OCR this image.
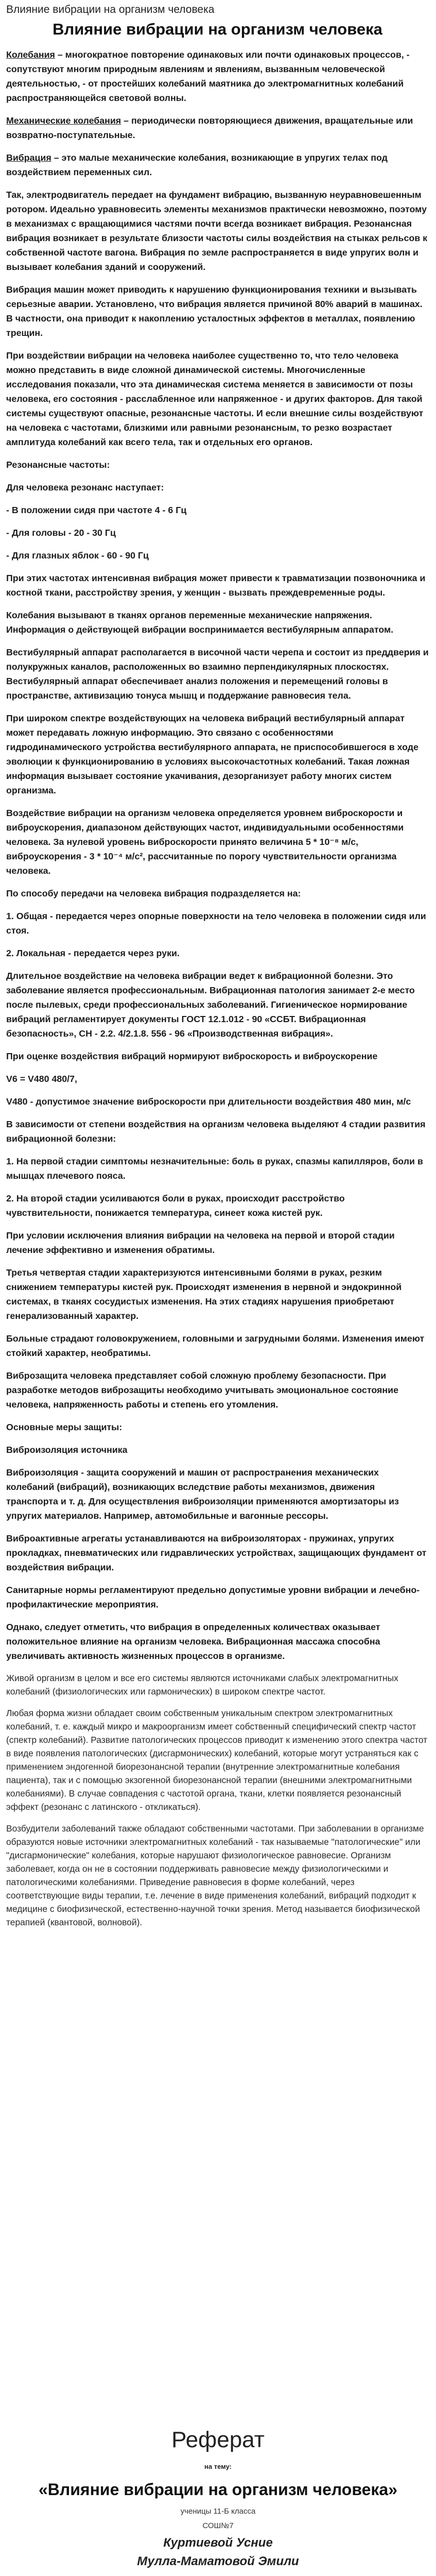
Влияние вибрации на организм человека
Влияние вибрации на организм человека
Колебания – многократное повторение одинаковых или почти одинаковых процессов, - сопутствуют многим природным явлениям и явлениям, вызванным человеческой деятельностью, - от простейших колебаний маятника до электромагнитных колебаний распространяющейся световой волны.
Механические колебания – периодически повторяющиеся движения, вращательные или возвратно-поступательные.
Вибрация – это малые механические колебания, возникающие в упругих телах под воздействием переменных сил.
Так, электродвигатель передает на фундамент вибрацию, вызванную неуравновешенным ротором. Идеально уравновесить элементы механизмов практически невозможно, поэтому в механизмах с вращающимися частями почти всегда возникает вибрация. Резонансная вибрация возникает в результате близости частоты силы воздействия на стыках рельсов к собственной частоте вагона. Вибрация по земле распространяется в виде упругих волн и вызывает колебания зданий и сооружений.
Вибрация машин может приводить к нарушению функционирования техники и вызывать серьезные аварии. Установлено, что вибрация является причиной 80% аварий в машинах. В частности, она приводит к накоплению усталостных эффектов в металлах, появлению трещин.
При воздействии вибрации на человека наиболее существенно то, что тело человека можно представить в виде сложной динамической системы. Многочисленные исследования показали, что эта динамическая система меняется в зависимости от позы человека, его состояния - расслабленное или напряженное - и других факторов. Для такой системы существуют опасные, резонансные частоты. И если внешние силы воздействуют на человека с частотами, близкими или равными резонансным, то резко возрастает амплитуда колебаний как всего тела, так и отдельных его органов.
Резонансные частоты:
Для человека резонанс наступает:
- В положении сидя при частоте 4 - 6 Гц
- Для головы - 20 - 30 Гц
- Для глазных яблок - 60 - 90 Гц
При этих частотах интенсивная вибрация может привести к травматизации позвоночника и костной ткани, расстройству зрения, у женщин - вызвать преждевременные роды.
Колебания вызывают в тканях органов переменные механические напряжения. Информация о действующей вибрации воспринимается вестибулярным аппаратом.
Вестибулярный аппарат располагается в височной части черепа и состоит из преддверия и полукружных каналов, расположенных во взаимно перпендикулярных плоскостях. Вестибулярный аппарат обеспечивает анализ положения и перемещений головы в пространстве, активизацию тонуса мышц и поддержание равновесия тела.
При широком спектре воздействующих на человека вибраций вестибулярный аппарат может передавать ложную информацию. Это связано с особенностями гидродинамического устройства вестибулярного аппарата, не приспособившегося в ходе эволюции к функционированию в условиях высокочастотных колебаний. Такая ложная информация вызывает состояние укачивания, дезорганизует работу многих систем организма.
Воздействие вибрации на организм человека определяется уровнем виброскорости и виброускорения, диапазоном действующих частот, индивидуальными особенностями человека. За нулевой уровень виброскорости принято величина 5 * 10⁻⁸ м/с, виброускорения - 3 * 10⁻⁴ м/с², рассчитанные по порогу чувствительности организма человека.
По способу передачи на человека вибрация подразделяется на:
1. Общая - передается через опорные поверхности на тело человека в положении сидя или стоя.
2. Локальная - передается через руки.
Длительное воздействие на человека вибрации ведет к вибрационной болезни. Это заболевание является профессиональным. Вибрационная патология занимает 2-е место после пылевых, среди профессиональных заболеваний. Гигиеническое нормирование вибраций регламентирует документы ГОСТ 12.1.012 - 90 «ССБТ. Вибрационная безопасность», СН - 2.2. 4/2.1.8. 556 - 96 «Производственная вибрация».
При оценке воздействия вибраций нормируют виброскорость и виброускорение
V6 = V480 480/7,
V480 - допустимое значение виброскорости при длительности воздействия 480 мин, м/с
В зависимости от степени воздействия на организм человека выделяют 4 стадии развития вибрационной болезни:
1. На первой стадии симптомы незначительные: боль в руках, спазмы капилляров, боли в мышцах плечевого пояса.
2. На второй стадии усиливаются боли в руках, происходит расстройство чувствительности, понижается температура, синеет кожа кистей рук.
При условии исключения влияния вибрации на человека на первой и второй стадии лечение эффективно и изменения обратимы.
Третья четвертая стадии характеризуются интенсивными болями в руках, резким снижением температуры кистей рук. Происходят изменения в нервной и эндокринной системах, в тканях сосудистых изменения. На этих стадиях нарушения приобретают генерализованный характер.
Больные страдают головокружением, головными и загрудными болями. Изменения имеют стойкий характер, необратимы.
Виброзащита человека представляет собой сложную проблему безопасности. При разработке методов виброзащиты необходимо учитывать эмоциональное состояние человека, напряженность работы и степень его утомления.
Основные меры защиты:
Виброизоляция источника
Виброизоляция - защита сооружений и машин от распространения механических колебаний (вибраций), возникающих вследствие работы механизмов, движения транспорта и т. д. Для осуществления виброизоляции применяются амортизаторы из упругих материалов. Например, автомобильные и вагонные рессоры.
Виброактивные агрегаты устанавливаются на виброизоляторах - пружинах, упругих прокладках, пневматических или гидравлических устройствах, защищающих фундамент от воздействия вибрации.
Санитарные нормы регламентируют предельно допустимые уровни вибрации и лечебно-профилактические мероприятия.
Однако, следует отметить, что вибрация в определенных количествах оказывает положительное влияние на организм человека. Вибрационная массажа способна увеличивать активность жизненных процессов в организме.
Живой организм в целом и все его системы являются источниками слабых электромагнитных колебаний (физиологических или гармонических) в широком спектре частот.
Любая форма жизни обладает своим собственным уникальным спектром электромагнитных колебаний, т. е. каждый микро и макроорганизм имеет собственный специфический спектр частот (спектр колебаний). Развитие патологических процессов приводит к изменению этого спектра частот в виде появления патологических (дисгармонических) колебаний, которые могут устраняться как с применением эндогенной биорезонансной терапии (внутренние электромагнитные колебания пациента), так и с помощью экзогенной биорезонансной терапии (внешними электромагнитными колебаниями). В случае совпадения с частотой органа, ткани, клетки появляется резонансный эффект (резонанс с латинского - откликаться).
Возбудители заболеваний также обладают собственными частотами. При заболевании в организме образуются новые источники электромагнитных колебаний - так называемые "патологические" или "дисгармонические" колебания, которые нарушают физиологическое равновесие. Организм заболевает, когда он не в состоянии поддерживать равновесие между физиологическими и патологическими колебаниями. Приведение равновесия в форме колебаний, через соответствующие виды терапии, т.е. лечение в виде применения колебаний, вибраций подходит к медицине с биофизической, естественно-научной точки зрения. Метод называется биофизической терапией (квантовой, волновой).
Реферат
на тему:
«Влияние вибрации на организм человека»
ученицы 11-Б класса
СОШ№7
Куртиевой Усние
Мулла-Маматовой Эмили
